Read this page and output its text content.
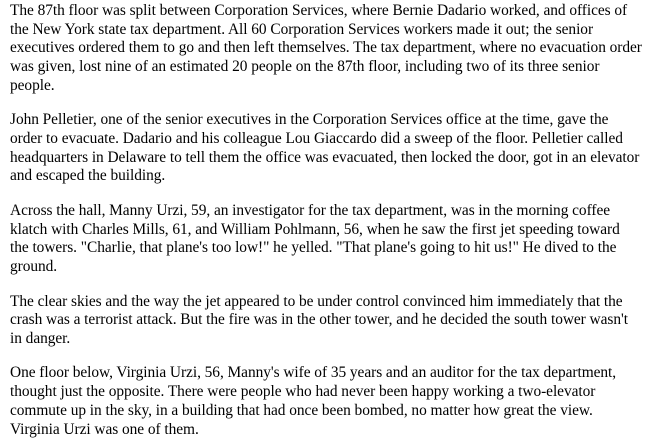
The 87th floor was split between Corporation Services, where Bernie Dadario worked, and offices of the New York state tax department. All 60 Corporation Services workers made it out; the senior executives ordered them to go and then left themselves. The tax department, where no evacuation order was given, lost nine of an estimated 20 people on the 87th floor, including two of its three senior people.

John Pelletier, one of the senior executives in the Corporation Services office at the time, gave the order to evacuate. Dadario and his colleague Lou Giaccardo did a sweep of the floor. Pelletier called headquarters in Delaware to tell them the office was evacuated, then locked the door, got in an elevator and escaped the building.

Across the hall, Manny Urzi, 59, an investigator for the tax department, was in the morning coffee klatch with Charles Mills, 61, and William Pohlmann, 56, when he saw the first jet speeding toward the towers. "Charlie, that plane's too low!" he yelled. "That plane's going to hit us!" He dived to the ground.

The clear skies and the way the jet appeared to be under control convinced him immediately that the crash was a terrorist attack. But the fire was in the other tower, and he decided the south tower wasn't in danger.

One floor below, Virginia Urzi, 56, Manny's wife of 35 years and an auditor for the tax department, thought just the opposite. There were people who had never been happy working a two-elevator commute up in the sky, in a building that had once been bombed, no matter how great the view. Virginia Urzi was one of them.
